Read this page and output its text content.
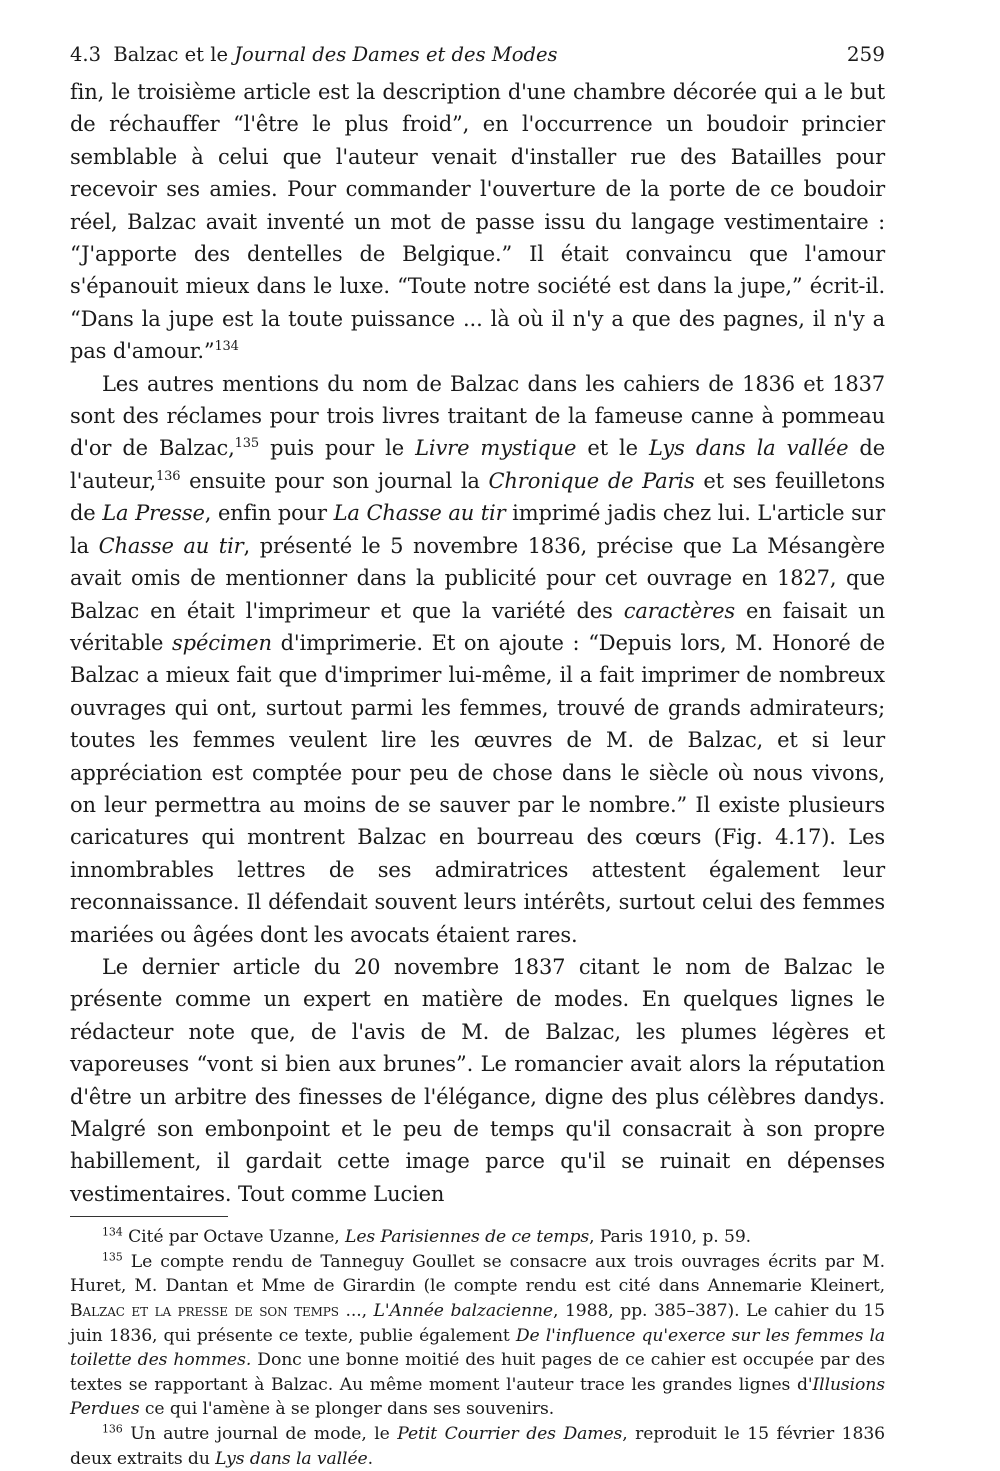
4.3 Balzac et le Journal des Dames et des Modes	259

fin, le troisième article est la description d'une chambre décorée qui a le but de réchauffer “l'être le plus froid”, en l'occurrence un boudoir princier semblable à celui que l'auteur venait d'installer rue des Batailles pour recevoir ses amies. Pour commander l'ouverture de la porte de ce boudoir réel, Balzac avait inventé un mot de passe issu du langage vestimentaire : “J'apporte des dentelles de Belgique.” Il était convaincu que l'amour s'épanouit mieux dans le luxe. “Toute notre société est dans la jupe,” écrit-il. “Dans la jupe est la toute puissance ... là où il n'y a que des pagnes, il n'y a pas d'amour.”$^{134}$

Les autres mentions du nom de Balzac dans les cahiers de 1836 et 1837 sont des réclames pour trois livres traitant de la fameuse canne à pommeau d'or de Balzac,$^{135}$ puis pour le Livre mystique et le Lys dans la vallée de l'auteur,$^{136}$ ensuite pour son journal la Chronique de Paris et ses feuilletons de La Presse, enfin pour La Chasse au tir imprimé jadis chez lui. L'article sur la Chasse au tir, présenté le 5 novembre 1836, précise que La Mésangère avait omis de mentionner dans la publicité pour cet ouvrage en 1827, que Balzac en était l'imprimeur et que la variété des caractères en faisait un véritable spécimen d'imprimerie. Et on ajoute : “Depuis lors, M. Honoré de Balzac a mieux fait que d'imprimer lui-même, il a fait imprimer de nombreux ouvrages qui ont, surtout parmi les femmes, trouvé de grands admirateurs; toutes les femmes veulent lire les œuvres de M. de Balzac, et si leur appréciation est comptée pour peu de chose dans le siècle où nous vivons, on leur permettra au moins de se sauver par le nombre.” Il existe plusieurs caricatures qui montrent Balzac en bourreau des cœurs (Fig. 4.17). Les innombrables lettres de ses admiratrices attestent également leur reconnaissance. Il défendait souvent leurs intérêts, surtout celui des femmes mariées ou âgées dont les avocats étaient rares.

Le dernier article du 20 novembre 1837 citant le nom de Balzac le présente comme un expert en matière de modes. En quelques lignes le rédacteur note que, de l'avis de M. de Balzac, les plumes légères et vaporeuses “vont si bien aux brunes”. Le romancier avait alors la réputation d'être un arbitre des finesses de l'élégance, digne des plus célèbres dandys. Malgré son embonpoint et le peu de temps qu'il consacrait à son propre habillement, il gardait cette image parce qu'il se ruinait en dépenses vestimentaires. Tout comme Lucien

$^{134}$ Cité par Octave Uzanne, Les Parisiennes de ce temps, Paris 1910, p. 59.

$^{135}$ Le compte rendu de Tanneguy Goullet se consacre aux trois ouvrages écrits par M. Huret, M. Dantan et Mme de Girardin (le compte rendu est cité dans Annemarie Kleinert, Balzac et la presse de son temps ..., L'Année balzacienne, 1988, pp. 385–387). Le cahier du 15 juin 1836, qui présente ce texte, publie également De l'influence qu'exerce sur les femmes la toilette des hommes. Donc une bonne moitié des huit pages de ce cahier est occupée par des textes se rapportant à Balzac. Au même moment l'auteur trace les grandes lignes d'Illusions Perdues ce qui l'amène à se plonger dans ses souvenirs.

$^{136}$ Un autre journal de mode, le Petit Courrier des Dames, reproduit le 15 février 1836 deux extraits du Lys dans la vallée.
